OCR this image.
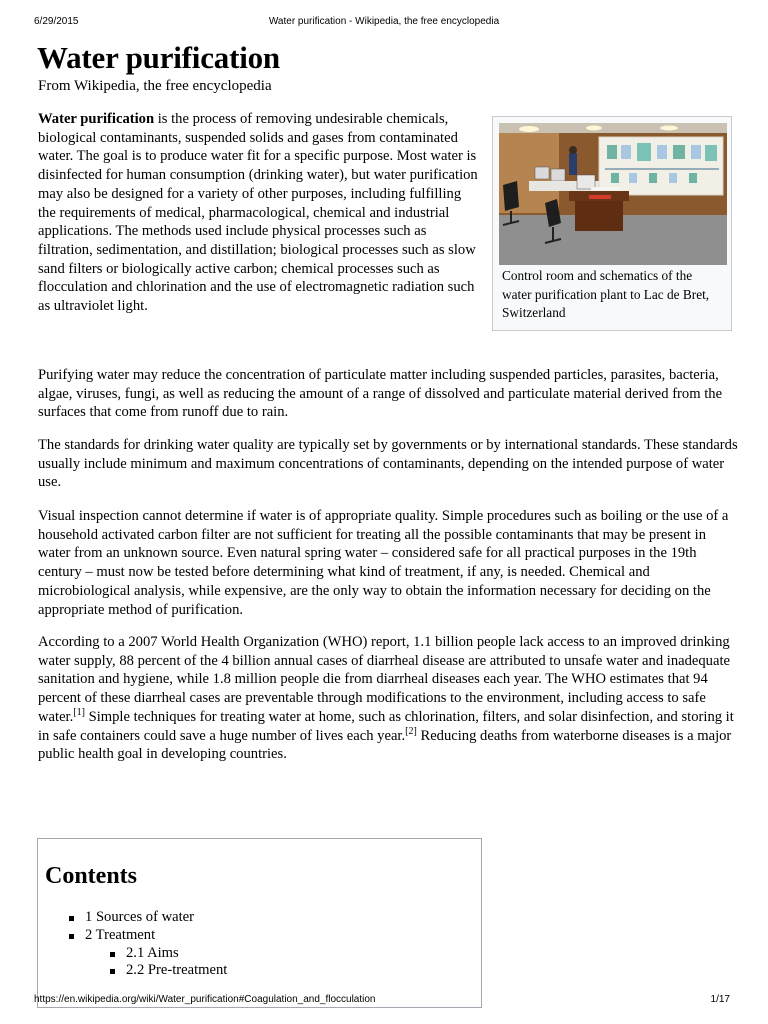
6/29/2015	Water purification - Wikipedia, the free encyclopedia
Water purification
From Wikipedia, the free encyclopedia

Water purification is the process of removing undesirable chemicals, biological contaminants, suspended solids and gases from contaminated water. The goal is to produce water fit for a specific purpose. Most water is disinfected for human consumption (drinking water), but water purification may also be designed for a variety of other purposes, including fulfilling the requirements of medical, pharmacological, chemical and industrial applications. The methods used include physical processes such as filtration, sedimentation, and distillation; biological processes such as slow sand filters or biologically active carbon; chemical processes such as flocculation and chlorination and the use of electromagnetic radiation such as ultraviolet light.

Control room and schematics of the water purification plant to Lac de Bret, Switzerland

Purifying water may reduce the concentration of particulate matter including suspended particles, parasites, bacteria, algae, viruses, fungi, as well as reducing the amount of a range of dissolved and particulate material derived from the surfaces that come from runoff due to rain.

The standards for drinking water quality are typically set by governments or by international standards. These standards usually include minimum and maximum concentrations of contaminants, depending on the intended purpose of water use.

Visual inspection cannot determine if water is of appropriate quality. Simple procedures such as boiling or the use of a household activated carbon filter are not sufficient for treating all the possible contaminants that may be present in water from an unknown source. Even natural spring water – considered safe for all practical purposes in the 19th century – must now be tested before determining what kind of treatment, if any, is needed. Chemical and microbiological analysis, while expensive, are the only way to obtain the information necessary for deciding on the appropriate method of purification.

According to a 2007 World Health Organization (WHO) report, 1.1 billion people lack access to an improved drinking water supply, 88 percent of the 4 billion annual cases of diarrheal disease are attributed to unsafe water and inadequate sanitation and hygiene, while 1.8 million people die from diarrheal diseases each year. The WHO estimates that 94 percent of these diarrheal cases are preventable through modifications to the environment, including access to safe water.[1] Simple techniques for treating water at home, such as chlorination, filters, and solar disinfection, and storing it in safe containers could save a huge number of lives each year.[2] Reducing deaths from waterborne diseases is a major public health goal in developing countries.

Contents
1 Sources of water
2 Treatment
2.1 Aims
2.2 Pre-treatment
https://en.wikipedia.org/wiki/Water_purification#Coagulation_and_flocculation	1/17
